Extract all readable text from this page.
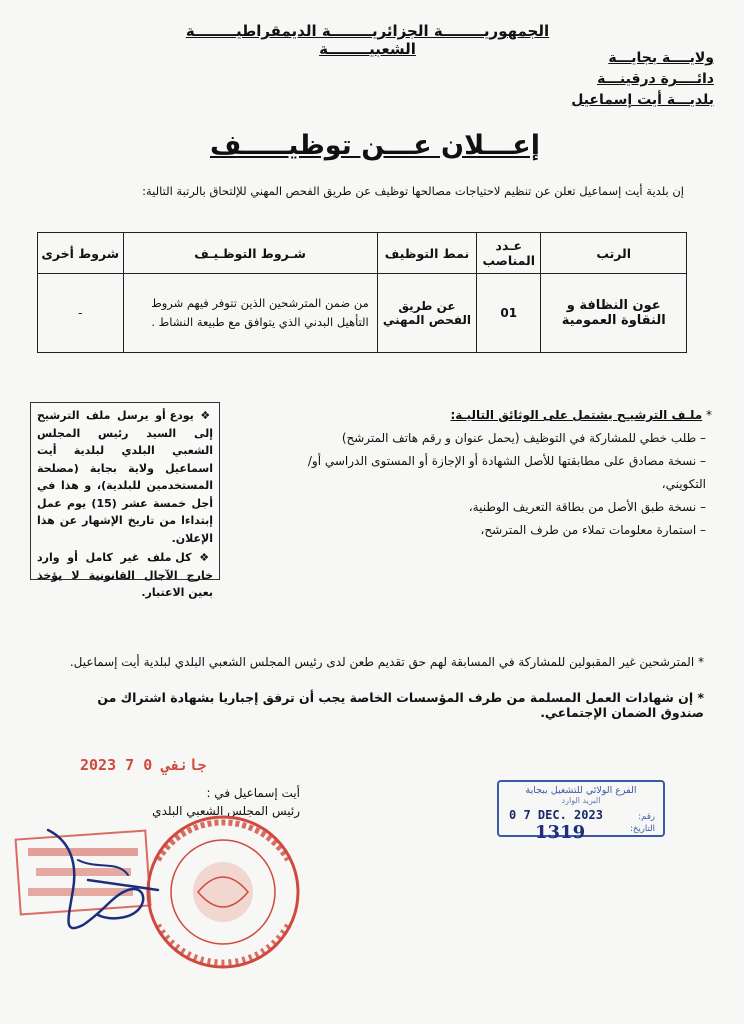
الجمهوريــــــــة الجزائريــــــــة الديمقراطيــــــــة الشعبيــــــــة	ولايــــة بجايـــة
دائــــرة درقينـــة
بلديـــة أيت إسماعيل
إعـــلان عـــن توظيـــــف
إن بلدية أيت إسماعيل تعلن عن تنظيم لاحتياجات مصالحها توظيف عن طريق الفحص المهني للإلتحاق بالرتبة التالية:
الرتب	عـدد المناصب	نمط التوظيف	شـروط التوظـيـف	شروط أخرى
عون النظافة و النقاوة العمومية	01	عن طريق الفحص المهني	من ضمن المترشحين الذين تتوفر فيهم شروط التأهيل البدني الذي يتوافق مع طبيعة النشاط .	-
* ملـف الترشيـح يشتمل على الوثائق التاليـة:
– طلب خطي للمشاركة في التوظيف (يحمل عنوان و رقم هاتف المترشح)
– نسخة مصادق على مطابقتها للأصل الشهادة أو الإجازة أو المستوى الدراسي أو/ التكويني،
– نسخة طبق الأصل من بطاقة التعريف الوطنية،
– استمارة معلومات تملاء من طرف المترشح،

❖ يودع أو يرسل ملف الترشيح إلى السيد رئيس المجلس الشعبي البلدي لبلدية أيت اسماعيل ولاية بجاية (مصلحة المستخدمين للبلدية)، و هذا في أجل خمسة عشر (15) يوم عمل إبتداءا من تاريخ الإشهار عن هذا الإعلان.

❖ كل ملف غير كامل أو وارد خارج الآجال القانونية لا يؤخذ بعين الاعتبار.

* المترشحين غير المقبولين للمشاركة في المسابقة لهم حق تقديم طعن لدى رئيس المجلس الشعبي البلدي لبلدية أيت إسماعيل.
* إن شهادات العمل المسلمة من طرف المؤسسات الخاصة يجب أن ترفق إجباريا بشهادة اشتراك من صندوق الضمان الإجتماعي.
أيت إسماعيل في :
رئيس المجلس الشعبي البلدي
2023 جانفي 0 7
الفرع الولائي للتشغيل ببجاية
البريد الوارد
رقم:
التاريخ:
0 7 DEC. 2023
1319
